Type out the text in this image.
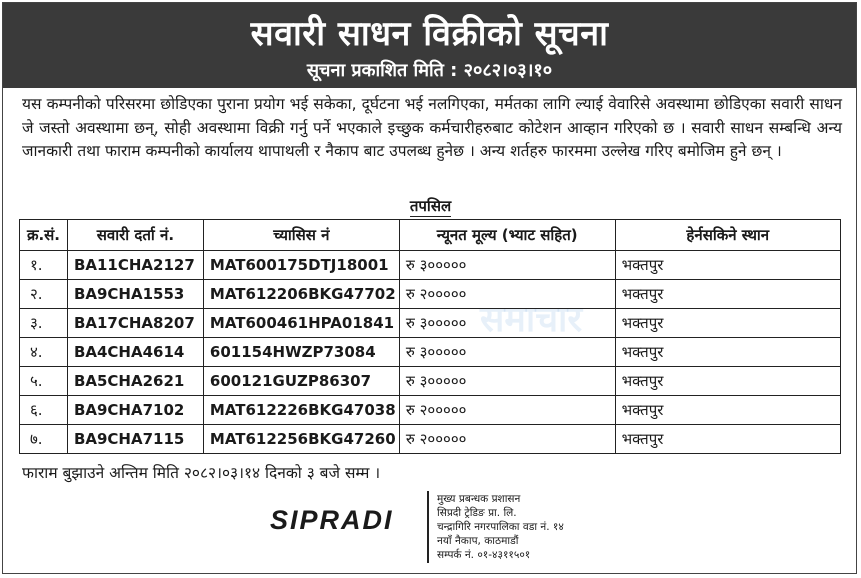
सवारी साधन विक्रीको सूचना
सूचना प्रकाशित मिति : २०८२।०३।१०
यस कम्पनीको परिसरमा छोडिएका पुराना प्रयोग भई सकेका, दूर्घटना भई नलगिएका, मर्मतका लागि ल्याई वेवारिसे अवस्थामा छोडिएका सवारी साधन जे जस्तो अवस्थामा छन्, सोही अवस्थामा विक्री गर्नु पर्ने भएकाले इच्छुक कर्मचारीहरुबाट कोटेशन आव्हान गरिएको छ । सवारी साधन सम्बन्धि अन्य जानकारी तथा फाराम कम्पनीको कार्यालय थापाथली र नैकाप बाट उपलब्ध हुनेछ । अन्य शर्तहरु फारममा उल्लेख गरिए बमोजिम हुने छन् ।
तपसिल
समाचार
क्र.सं.	सवारी दर्ता नं.	च्यासिस नं	न्यूनत मूल्य (भ्याट सहित)	हेर्नसकिने स्थान
१.	BA11CHA2127	MAT600175DTJ18001	रु ३०००००	भक्तपुर
२.	BA9CHA1553	MAT612206BKG47702	रु २०००००	भक्तपुर
३.	BA17CHA8207	MAT600461HPA01841	रु ३०००००	भक्तपुर
४.	BA4CHA4614	601154HWZP73084	रु ३०००००	भक्तपुर
५.	BA5CHA2621	600121GUZP86307	रु ३०००००	भक्तपुर
६.	BA9CHA7102	MAT612226BKG47038	रु २०००००	भक्तपुर
७.	BA9CHA7115	MAT612256BKG47260	रु २०००००	भक्तपुर
फाराम बुझाउने अन्तिम मिति २०८२।०३।१४ दिनको ३ बजे सम्म ।
SIPRADI
मुख्य प्रबन्धक प्रशासन
सिप्रदी ट्रेडिङ प्रा. लि.
चन्द्रागिरि नगरपालिका वडा नं. १४
नयाँ नैकाप, काठमाडौं
सम्पर्क नं. ०१-४३११५०१
